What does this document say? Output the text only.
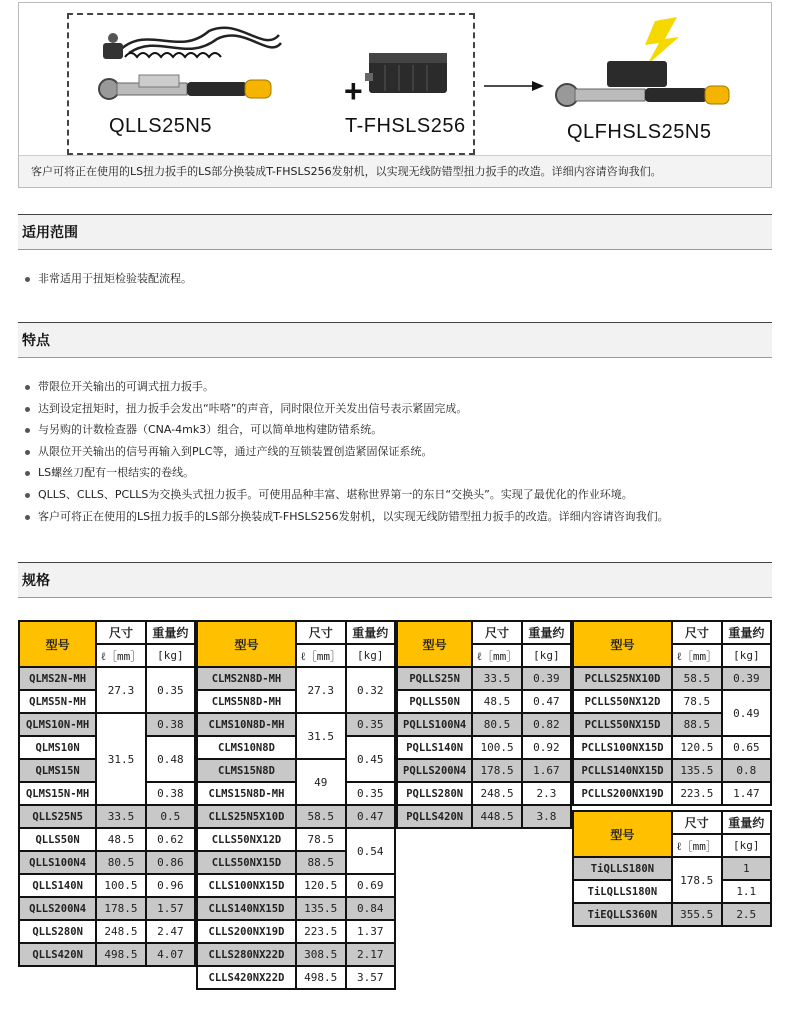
QLLS25N5
+
T-FHSLS256	QLFHSLS25N5
客户可将正在使用的LS扭力扳手的LS部分换装成T-FHSLS256发射机，以实现无线防错型扭力扳手的改造。详细内容请咨询我们。
适用范围
非常适用于扭矩检验装配流程。
特点
带限位开关输出的可调式扭力扳手。
达到设定扭矩时，扭力扳手会发出“咔嗒”的声音，同时限位开关发出信号表示紧固完成。
与另购的计数检查器（CNA-4mk3）组合，可以简单地构建防错系统。
从限位开关输出的信号再输入到PLC等，通过产线的互锁装置创造紧固保证系统。
LS螺丝刀配有一根结实的卷线。
QLLS、CLLS、PCLLS为交换头式扭力扳手。可使用品种丰富、堪称世界第一的东日“交换头”。实现了最优化的作业环境。
客户可将正在使用的LS扭力扳手的LS部分换装成T-FHSLS256发射机，以实现无线防错型扭力扳手的改造。详细内容请咨询我们。
规格
型号	尺寸	重量约
	ℓ［mm］	[kg]
QLMS2N-MH	27.3	0.35
QLMS5N-MH		
QLMS10N-MH	31.5	0.38
QLMS10N		0.48
QLMS15N		
QLMS15N-MH		0.38
QLLS25N5	33.5	0.5
QLLS50N	48.5	0.62
QLLS100N4	80.5	0.86
QLLS140N	100.5	0.96
QLLS200N4	178.5	1.57
QLLS280N	248.5	2.47
QLLS420N	498.5	4.07
型号	尺寸	重量约
	ℓ［mm］	[kg]
CLMS2N8D-MH	27.3	0.32
CLMS5N8D-MH		
CLMS10N8D-MH	31.5	0.35
CLMS10N8D		0.45
CLMS15N8D	49	
CLMS15N8D-MH		0.35
CLLS25N5X10D	58.5	0.47
CLLS50NX12D	78.5	0.54
CLLS50NX15D	88.5	
CLLS100NX15D	120.5	0.69
CLLS140NX15D	135.5	0.84
CLLS200NX19D	223.5	1.37
CLLS280NX22D	308.5	2.17
CLLS420NX22D	498.5	3.57
型号	尺寸	重量约
	ℓ［mm］	[kg]
PQLLS25N	33.5	0.39
PQLLS50N	48.5	0.47
PQLLS100N4	80.5	0.82
PQLLS140N	100.5	0.92
PQLLS200N4	178.5	1.67
PQLLS280N	248.5	2.3
PQLLS420N	448.5	3.8
型号	尺寸	重量约
	ℓ［mm］	[kg]
PCLLS25NX10D	58.5	0.39
PCLLS50NX12D	78.5	0.49
PCLLS50NX15D	88.5	
PCLLS100NX15D	120.5	0.65
PCLLS140NX15D	135.5	0.8
PCLLS200NX19D	223.5	1.47
型号	尺寸	重量约
	ℓ［mm］	[kg]
TiQLLS180N	178.5	1
TiLQLLS180N		1.1
TiEQLLS360N	355.5	2.5
